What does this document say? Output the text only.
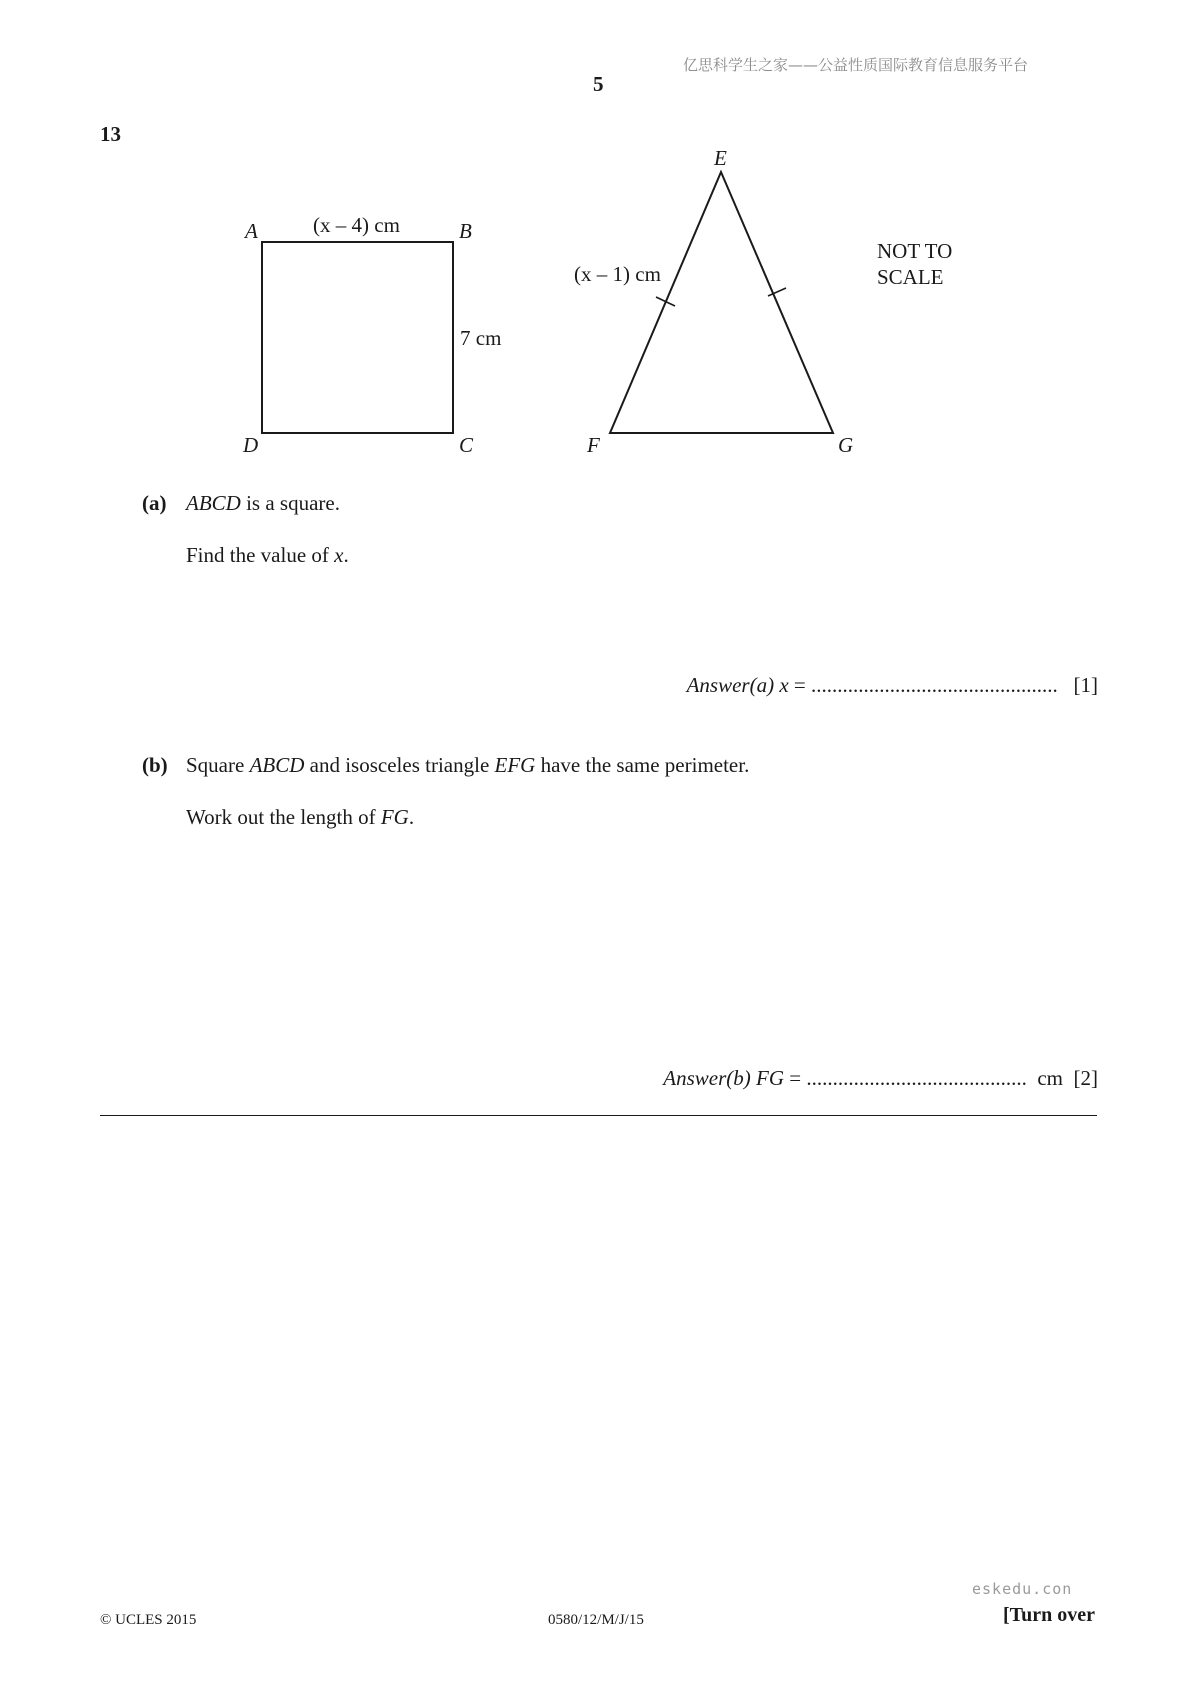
亿思科学生之家——公益性质国际教育信息服务平台
5
13
A	B
C
D
(x – 4) cm
7 cm
E
F	G
(x – 1) cm
NOT TO
SCALE
(a) ABCD is a square.
Find the value of x.
Answer(a) x = ............................................... [1]
(b) Square ABCD and isosceles triangle EFG have the same perimeter.
Work out the length of FG.
Answer(b) FG = .......................................... cm [2]
eskedu.con
© UCLES 2015	0580/12/M/J/15	[Turn over
